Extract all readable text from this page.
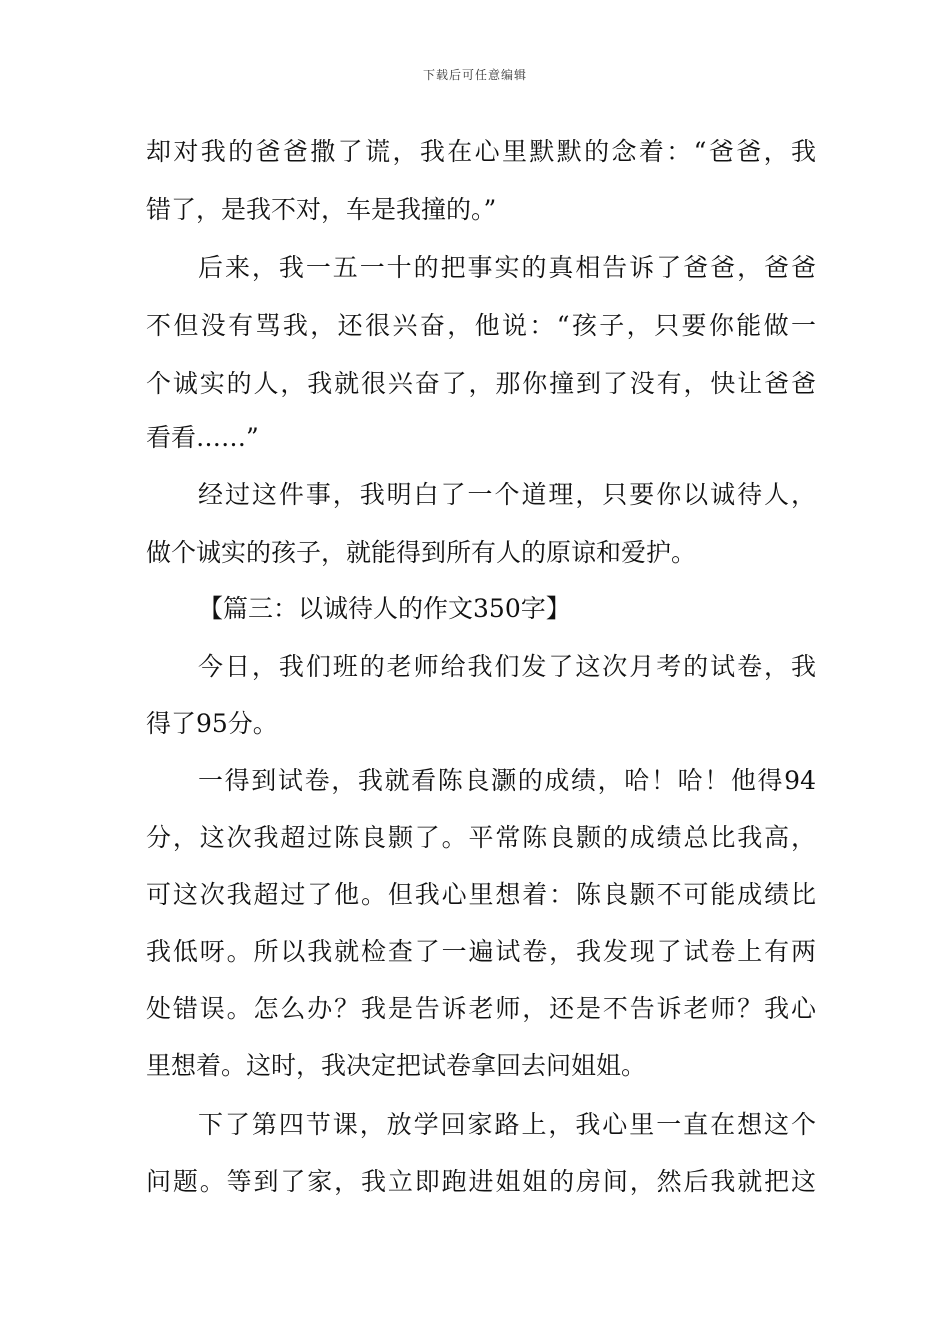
下载后可任意编辑
却对我的爸爸撒了谎，我在心里默默的念着：“爸爸，我
错了，是我不对，车是我撞的。”
后来，我一五一十的把事实的真相告诉了爸爸，爸爸
不但没有骂我，还很兴奋，他说：“孩子，只要你能做一
个诚实的人，我就很兴奋了，那你撞到了没有，快让爸爸
看看……”
经过这件事，我明白了一个道理，只要你以诚待人，
做个诚实的孩子，就能得到所有人的原谅和爱护。
【篇三：以诚待人的作文350字】
今日，我们班的老师给我们发了这次月考的试卷，我
得了95分。
一得到试卷，我就看陈良灏的成绩，哈！哈！他得94
分，这次我超过陈良颢了。平常陈良颢的成绩总比我高，
可这次我超过了他。但我心里想着：陈良颢不可能成绩比
我低呀。所以我就检查了一遍试卷，我发现了试卷上有两
处错误。怎么办？我是告诉老师，还是不告诉老师？我心
里想着。这时，我决定把试卷拿回去问姐姐。
下了第四节课，放学回家路上，我心里一直在想这个
问题。等到了家，我立即跑进姐姐的房间，然后我就把这
